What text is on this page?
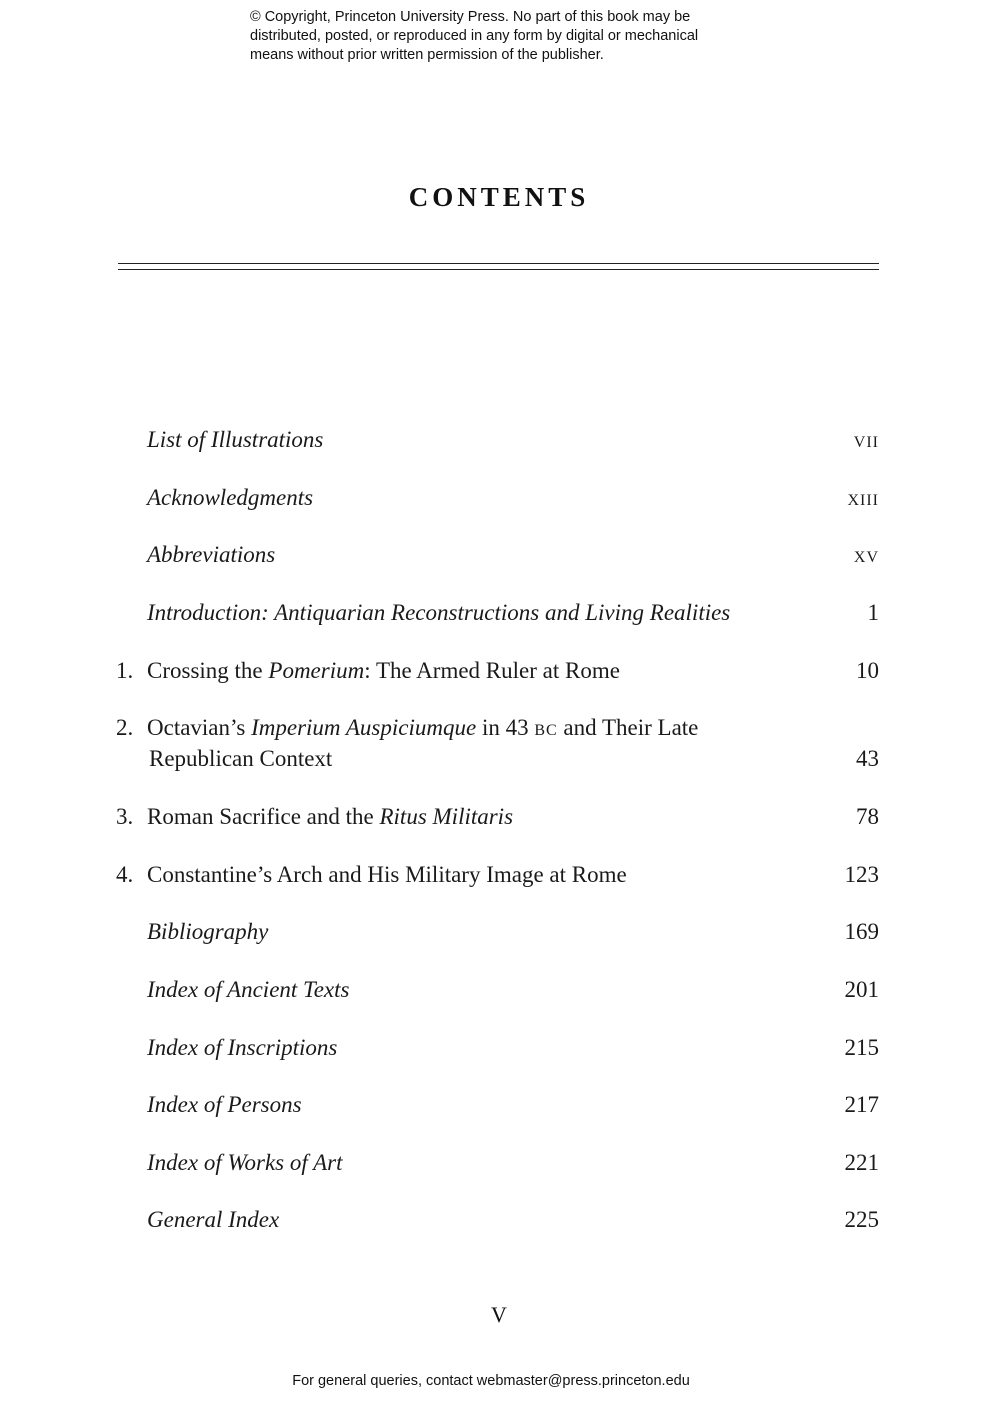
© Copyright, Princeton University Press. No part of this book may be
distributed, posted, or reproduced in any form by digital or mechanical
means without prior written permission of the publisher.
CONTENTS
List of Illustrations	vii
Acknowledgments	xiii
Abbreviations	xv
Introduction: Antiquarian Reconstructions and Living Realities	1
1. Crossing the Pomerium: The Armed Ruler at Rome	10
2. Octavian’s Imperium Auspiciumque in 43 bc and Their Late
Republican Context	43
3. Roman Sacrifice and the Ritus Militaris	78
4. Constantine’s Arch and His Military Image at Rome	123
Bibliography	169
Index of Ancient Texts	201
Index of Inscriptions	215
Index of Persons	217
Index of Works of Art	221
General Index	225
V
For general queries, contact webmaster@press.princeton.edu
